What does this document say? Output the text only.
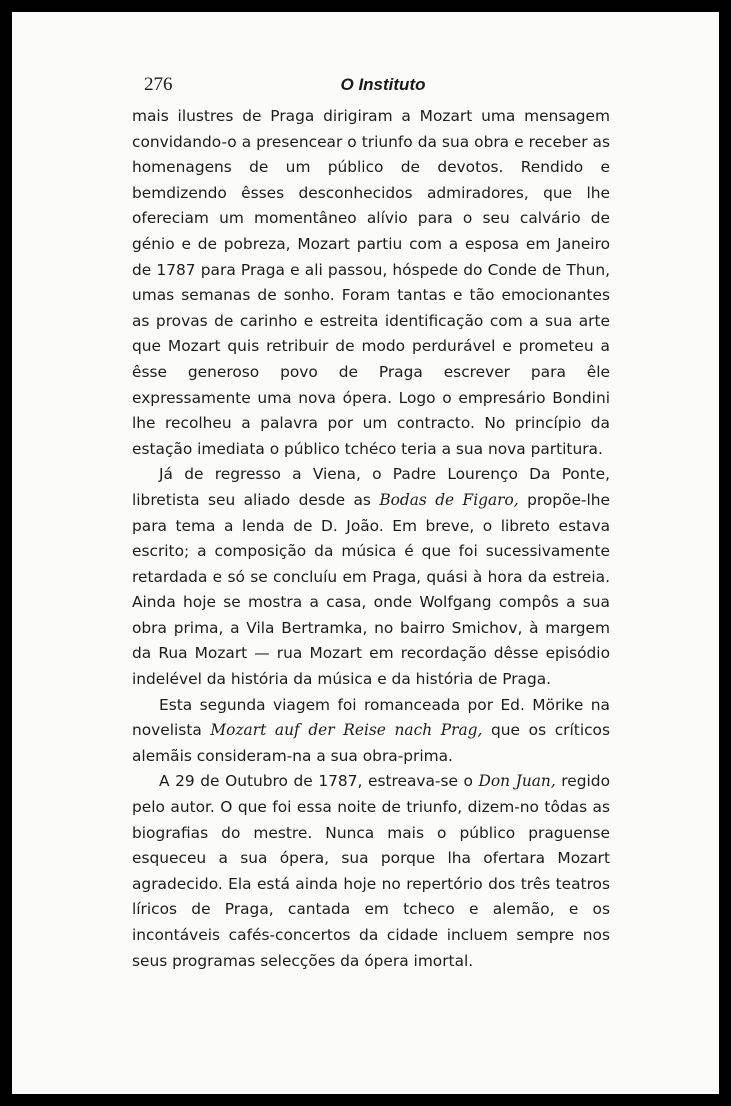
276	O Instituto

mais ilustres de Praga dirigiram a Mozart uma mensagem convidando-o a presencear o triunfo da sua obra e receber as homenagens de um público de devotos. Rendido e bemdizendo êsses desconhecidos admiradores, que lhe ofereciam um momentâneo alívio para o seu calvário de génio e de pobreza, Mozart partiu com a esposa em Janeiro de 1787 para Praga e ali passou, hóspede do Conde de Thun, umas semanas de sonho. Foram tantas e tão emocionantes as provas de carinho e estreita identificação com a sua arte que Mozart quis retribuir de modo perdurável e prometeu a êsse generoso povo de Praga escrever para êle expressamente uma nova ópera. Logo o empresário Bondini lhe recolheu a palavra por um contracto. No princípio da estação imediata o público tchéco teria a sua nova partitura.

Já de regresso a Viena, o Padre Lourenço Da Ponte, libretista seu aliado desde as Bodas de Figaro, propõe-lhe para tema a lenda de D. João. Em breve, o libreto estava escrito; a composição da música é que foi sucessivamente retardada e só se concluíu em Praga, quási à hora da estreia. Ainda hoje se mostra a casa, onde Wolfgang compôs a sua obra prima, a Vila Bertramka, no bairro Smichov, à margem da Rua Mozart — rua Mozart em recordação dêsse episódio indelével da história da música e da história de Praga.

Esta segunda viagem foi romanceada por Ed. Mörike na novelista Mozart auf der Reise nach Prag, que os críticos alemãis consideram-na a sua obra-prima.

A 29 de Outubro de 1787, estreava-se o Don Juan, regido pelo autor. O que foi essa noite de triunfo, dizem-no tôdas as biografias do mestre. Nunca mais o público praguense esqueceu a sua ópera, sua porque lha ofertara Mozart agradecido. Ela está ainda hoje no repertório dos três teatros líricos de Praga, cantada em tcheco e alemão, e os incontáveis cafés-concertos da cidade incluem sempre nos seus programas selecções da ópera imortal.
